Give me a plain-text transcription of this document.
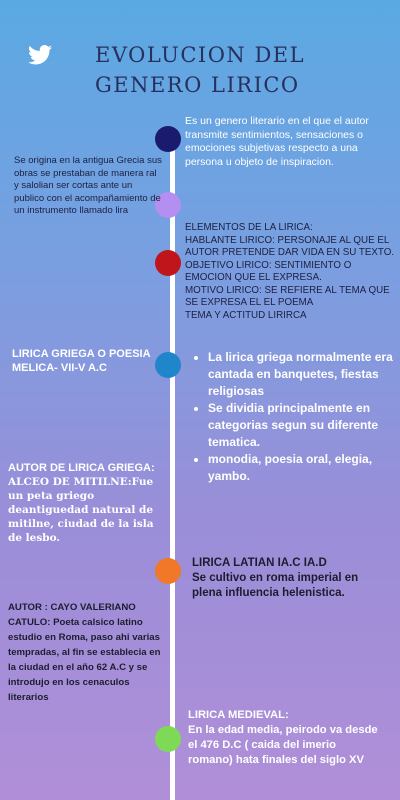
EVOLUCION DEL
GENERO LIRICO
Es un genero literario en el que el autor transmite sentimientos, sensaciones o emociones subjetivas respecto a una persona u objeto de inspiracion.
Se origina en la antigua Grecia sus obras se prestaban de manera ral y salolian ser cortas ante un publico con el acompañamiento de un instrumento llamado lira
ELEMENTOS DE LA LIRICA:
HABLANTE LIRICO: PERSONAJE AL QUE EL AUTOR PRETENDE DAR VIDA EN SU TEXTO.
OBJETIVO LIRICO: SENTIMIENTO O EMOCION QUE EL EXPRESA.
MOTIVO LIRICO: SE REFIERE AL TEMA QUE SE EXPRESA EL EL POEMA
TEMA Y ACTITUD LIRIRCA
LIRICA GRIEGA O POESIA MELICA- VII-V A.C
• La lirica griega normalmente era cantada en banquetes, fiestas religiosas
• Se dividia principalmente en categorias segun su diferente tematica.
• monodia, poesia oral, elegia, yambo.
AUTOR DE LIRICA GRIEGA:
ALCEO DE MITILNE:Fue un peta griego deantiguedad natural de mitilne, ciudad de la isla de lesbo.
LIRICA LATIAN IA.C IA.D
Se cultivo en roma imperial en plena influencia helenistica.
AUTOR : CAYO VALERIANO CATULO: Poeta calsico latino estudio en Roma, paso ahi varias tempradas, al fin se establecia en la ciudad en el año 62 A.C y se introdujo en los cenaculos literarios
LIRICA MEDIEVAL:
En la edad media, peirodo va desde el 476 D.C ( caida del imerio romano) hata finales del siglo XV
